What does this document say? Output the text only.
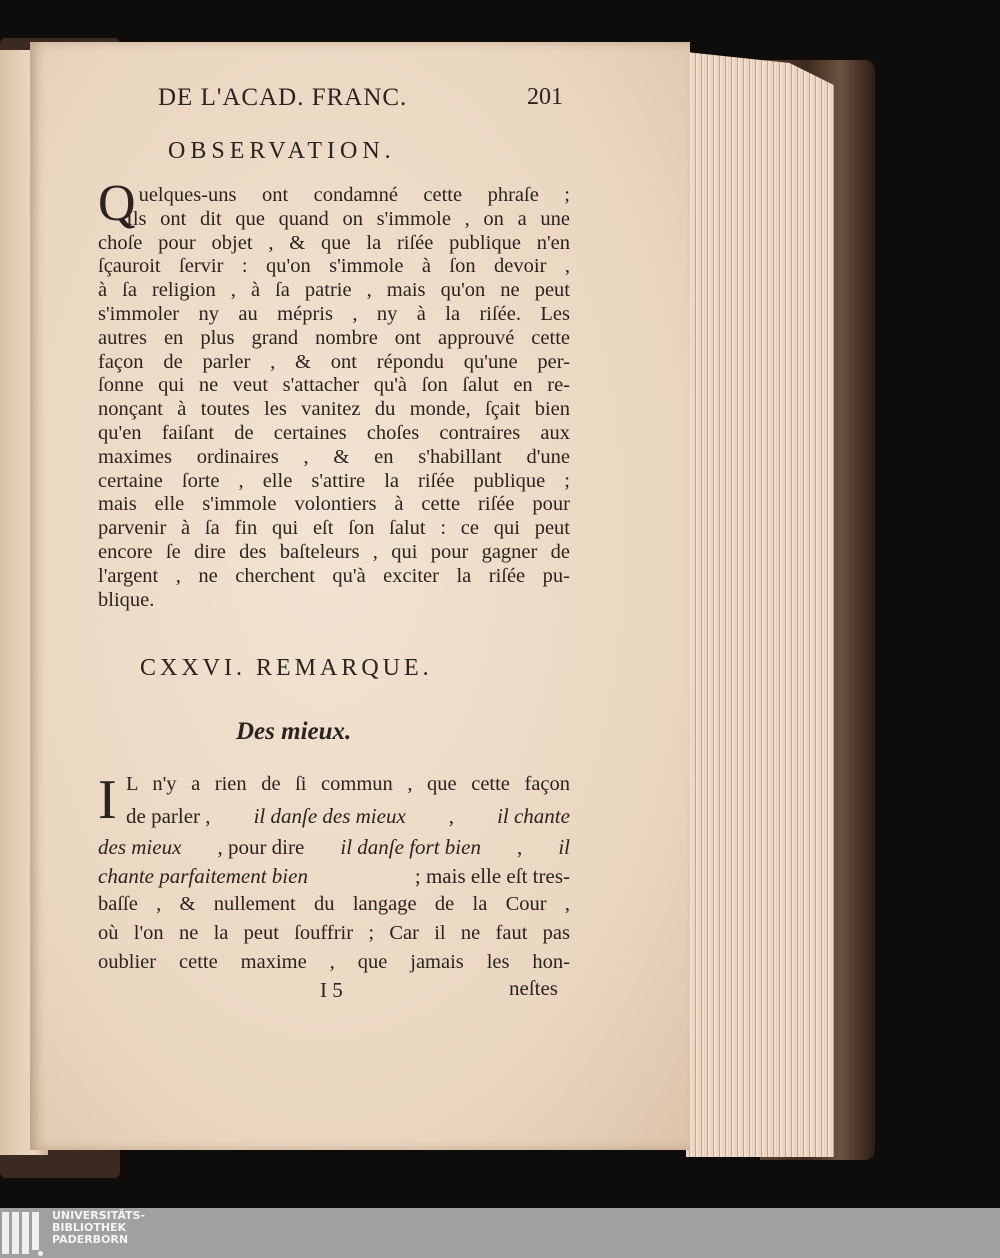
DE L'ACAD. FRANC.	201
OBSERVATION.
Quelques-uns ont condamné cette phraſe ;
Ils ont dit que quand on s'immole , on a une
choſe pour objet , & que la riſée publique n'en
ſçauroit ſervir : qu'on s'immole à ſon devoir ,
à ſa religion , à ſa patrie , mais qu'on ne peut
s'immoler ny au mépris , ny à la riſée. Les
autres en plus grand nombre ont approuvé cette
façon de parler , & ont répondu qu'une per-
ſonne qui ne veut s'attacher qu'à ſon ſalut en re-
nonçant à toutes les vanitez du monde, ſçait bien
qu'en faiſant de certaines choſes contraires aux
maximes ordinaires , & en s'habillant d'une
certaine ſorte , elle s'attire la riſée publique ;
mais elle s'immole volontiers à cette riſée pour
parvenir à ſa fin qui eſt ſon ſalut : ce qui peut
encore ſe dire des baſteleurs , qui pour gagner de
l'argent , ne cherchent qu'à exciter la riſée pu-
blique.
CXXVI. REMARQUE.
Des mieux.
I L n'y a rien de ſi commun , que cette façon
de parler , il danſe des mieux , il chante
des mieux , pour dire il danſe fort bien , il
chante parfaitement bien	; mais elle eſt tres-
baſſe , & nullement du langage de la Cour ,
où l'on ne la peut ſouffrir ; Car il ne faut pas
oublier cette maxime , que jamais les hon-
I 5	neſtes
UNIVERSITÄTS- BIBLIOTHEK PADERBORN
